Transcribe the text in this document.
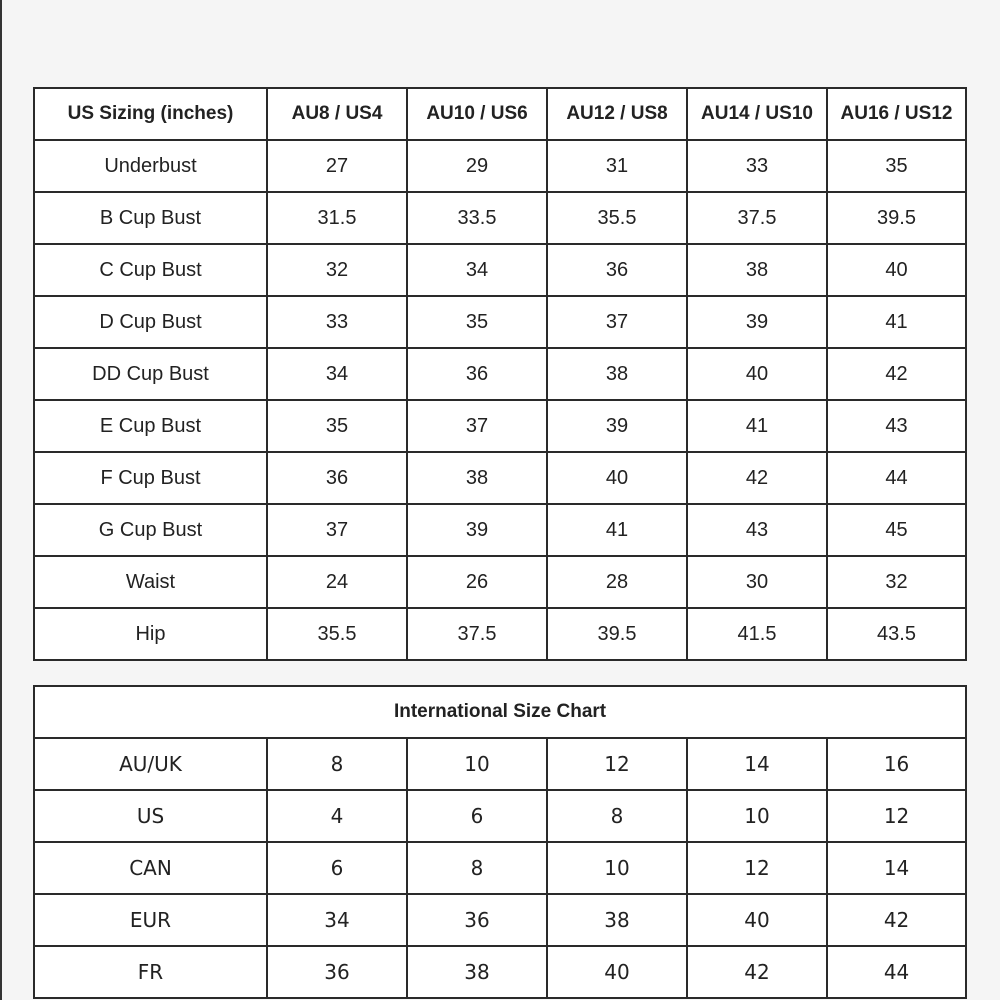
US Sizing (inches)	AU8 / US4	AU10 / US6	AU12 / US8	AU14 / US10	AU16 / US12
Underbust	27	29	31	33	35
B Cup Bust	31.5	33.5	35.5	37.5	39.5
C Cup Bust	32	34	36	38	40
D Cup Bust	33	35	37	39	41
DD Cup Bust	34	36	38	40	42
E Cup Bust	35	37	39	41	43
F Cup Bust	36	38	40	42	44
G Cup Bust	37	39	41	43	45
Waist	24	26	28	30	32
Hip	35.5	37.5	39.5	41.5	43.5
International Size Chart					
AU/UK	8	10	12	14	16
US	4	6	8	10	12
CAN	6	8	10	12	14
EUR	34	36	38	40	42
FR	36	38	40	42	44
